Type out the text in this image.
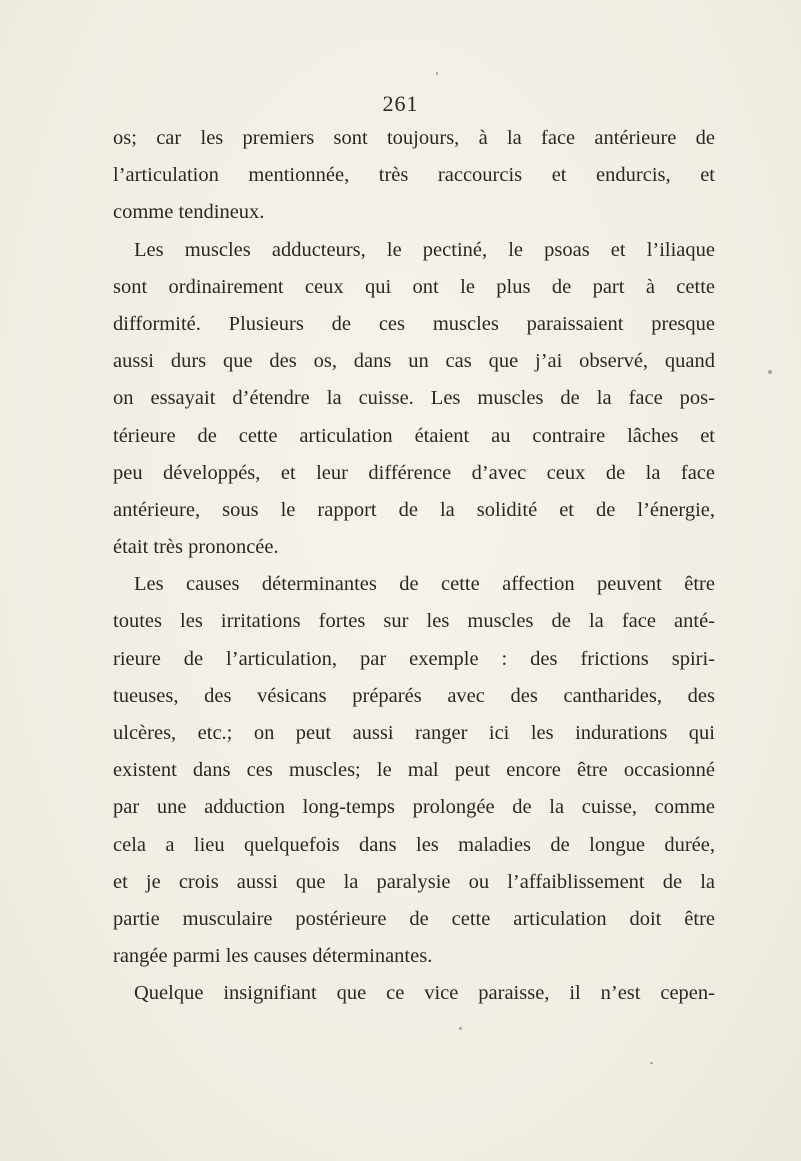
261
os; car les premiers sont toujours, à la face antérieure de
l’articulation mentionnée, très raccourcis et endurcis, et
comme tendineux.
Les muscles adducteurs, le pectiné, le psoas et l’iliaque
sont ordinairement ceux qui ont le plus de part à cette
difformité. Plusieurs de ces muscles paraissaient presque
aussi durs que des os, dans un cas que j’ai observé, quand
on essayait d’étendre la cuisse. Les muscles de la face pos-
térieure de cette articulation étaient au contraire lâches et
peu développés, et leur différence d’avec ceux de la face
antérieure, sous le rapport de la solidité et de l’énergie,
était très prononcée.
Les causes déterminantes de cette affection peuvent être
toutes les irritations fortes sur les muscles de la face anté-
rieure de l’articulation, par exemple : des frictions spiri-
tueuses, des vésicans préparés avec des cantharides, des
ulcères, etc.; on peut aussi ranger ici les indurations qui
existent dans ces muscles; le mal peut encore être occasionné
par une adduction long-temps prolongée de la cuisse, comme
cela a lieu quelquefois dans les maladies de longue durée,
et je crois aussi que la paralysie ou l’affaiblissement de la
partie musculaire postérieure de cette articulation doit être
rangée parmi les causes déterminantes.
Quelque insignifiant que ce vice paraisse, il n’est cepen-
